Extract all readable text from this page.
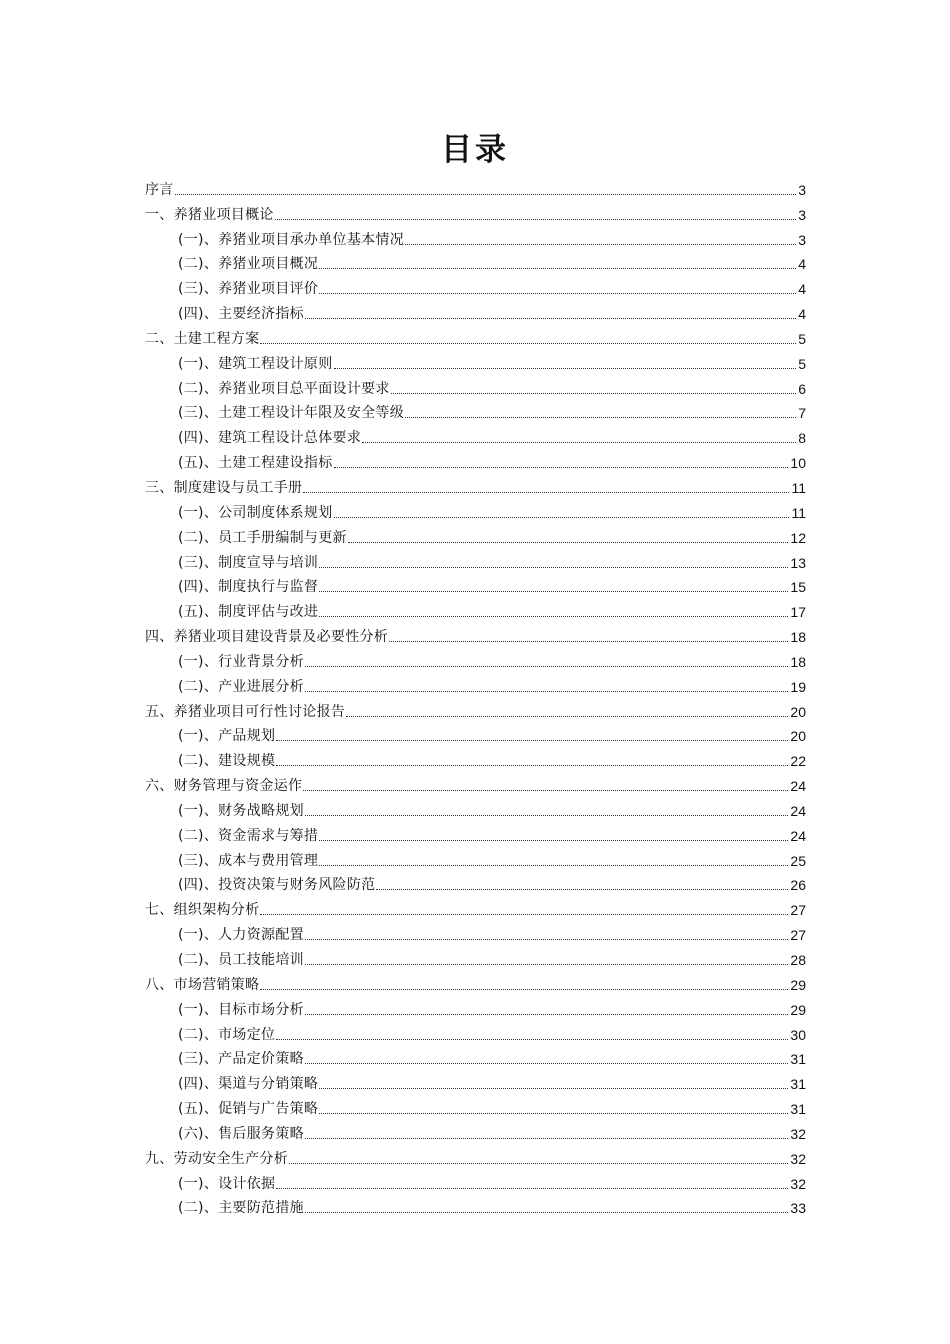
目录
序言	3
一、养猪业项目概论	3
(一)、养猪业项目承办单位基本情况	3
(二)、养猪业项目概况	4
(三)、养猪业项目评价	4
(四)、主要经济指标	4
二、土建工程方案	5
(一)、建筑工程设计原则	5
(二)、养猪业项目总平面设计要求	6
(三)、土建工程设计年限及安全等级	7
(四)、建筑工程设计总体要求	8
(五)、土建工程建设指标	10
三、制度建设与员工手册	11
(一)、公司制度体系规划	11
(二)、员工手册编制与更新	12
(三)、制度宣导与培训	13
(四)、制度执行与监督	15
(五)、制度评估与改进	17
四、养猪业项目建设背景及必要性分析	18
(一)、行业背景分析	18
(二)、产业进展分析	19
五、养猪业项目可行性讨论报告	20
(一)、产品规划	20
(二)、建设规模	22
六、财务管理与资金运作	24
(一)、财务战略规划	24
(二)、资金需求与筹措	24
(三)、成本与费用管理	25
(四)、投资决策与财务风险防范	26
七、组织架构分析	27
(一)、人力资源配置	27
(二)、员工技能培训	28
八、市场营销策略	29
(一)、目标市场分析	29
(二)、市场定位	30
(三)、产品定价策略	31
(四)、渠道与分销策略	31
(五)、促销与广告策略	31
(六)、售后服务策略	32
九、劳动安全生产分析	32
(一)、设计依据	32
(二)、主要防范措施	33
